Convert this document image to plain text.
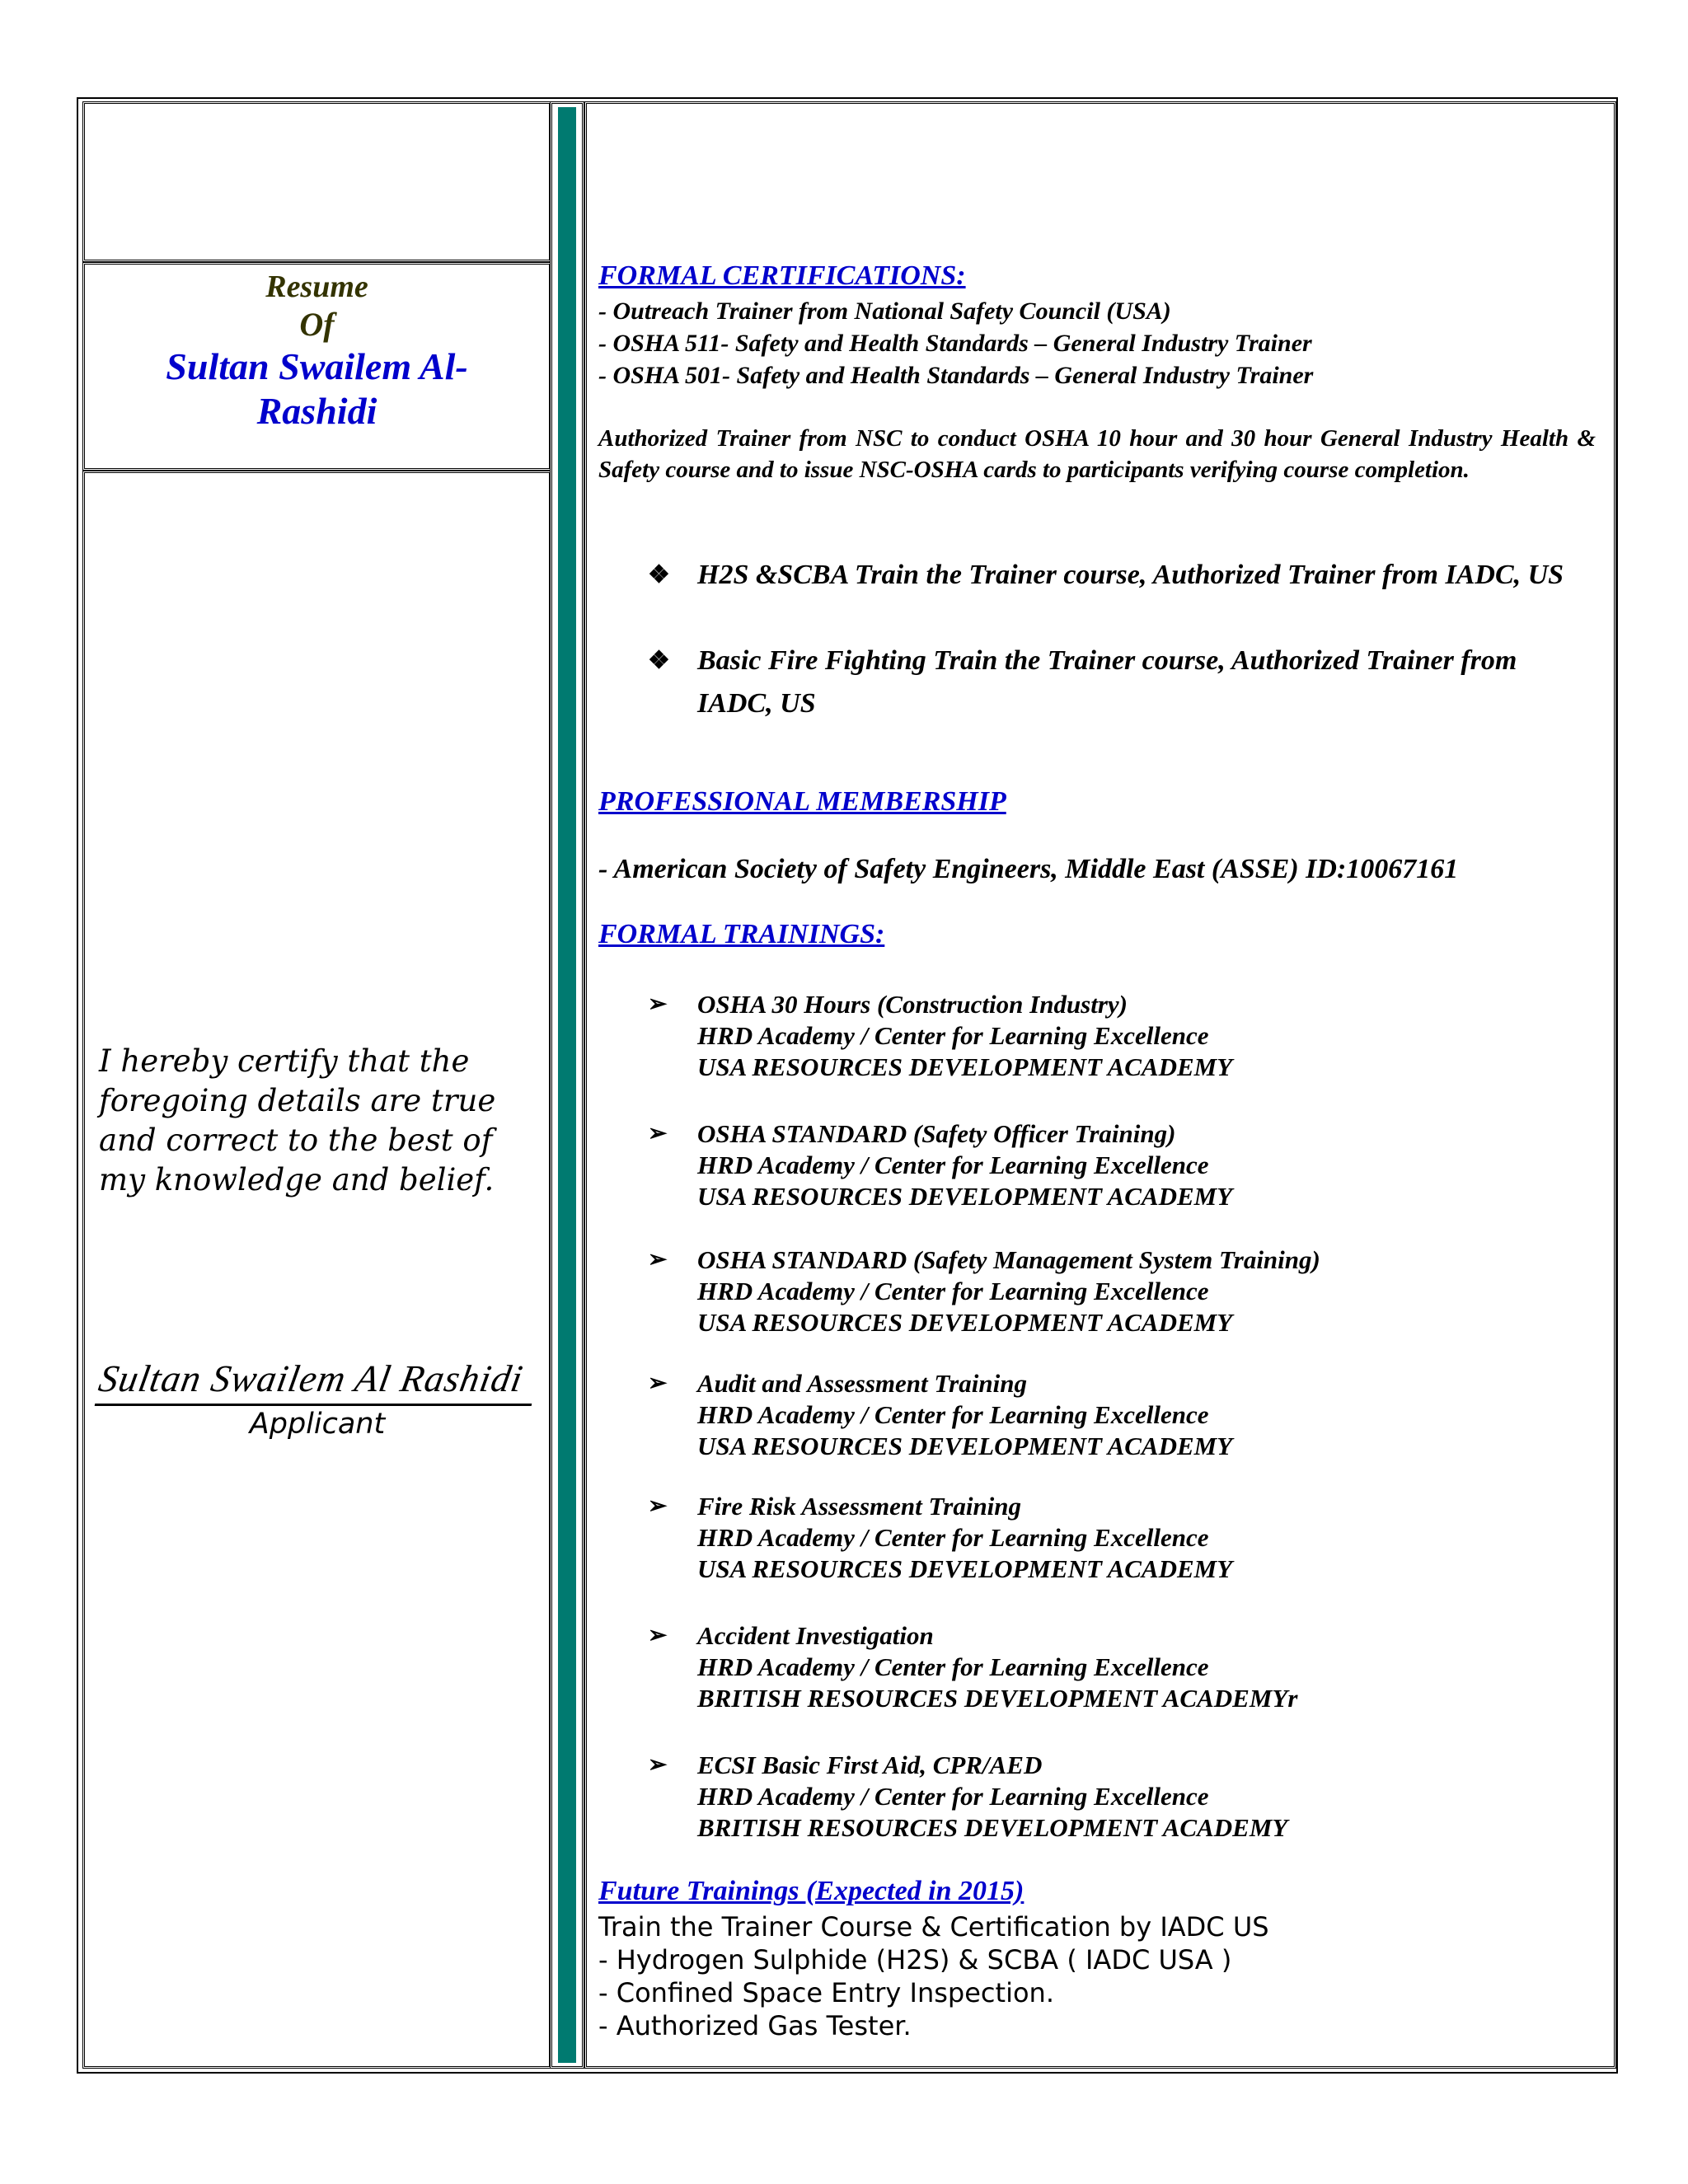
Resume
Of
Sultan Swailem Al-Rashidi
I hereby certify that the foregoing details are true and correct to the best of my knowledge and belief.
Sultan Swailem Al Rashidi
Applicant
FORMAL CERTIFICATIONS:
- Outreach Trainer from National Safety Council (USA)
- OSHA 511- Safety and Health Standards – General Industry Trainer
- OSHA 501- Safety and Health Standards – General Industry Trainer
Authorized Trainer from NSC to conduct OSHA 10 hour and 30 hour General Industry Health & Safety course and to issue NSC-OSHA cards to participants verifying course completion.
❖ H2S &SCBA Train the Trainer course, Authorized Trainer from IADC, US
❖ Basic Fire Fighting Train the Trainer course, Authorized Trainer from IADC, US
PROFESSIONAL MEMBERSHIP
- American Society of Safety Engineers, Middle East (ASSE) ID:10067161
FORMAL TRAININGS:
➢ OSHA 30 Hours (Construction Industry)
HRD Academy / Center for Learning Excellence
USA RESOURCES DEVELOPMENT ACADEMY
➢ OSHA STANDARD (Safety Officer Training)
HRD Academy / Center for Learning Excellence
USA RESOURCES DEVELOPMENT ACADEMY
➢ OSHA STANDARD (Safety Management System Training)
HRD Academy / Center for Learning Excellence
USA RESOURCES DEVELOPMENT ACADEMY
➢ Audit and Assessment Training
HRD Academy / Center for Learning Excellence
USA RESOURCES DEVELOPMENT ACADEMY
➢ Fire Risk Assessment Training
HRD Academy / Center for Learning Excellence
USA RESOURCES DEVELOPMENT ACADEMY
➢ Accident Investigation
HRD Academy / Center for Learning Excellence
BRITISH RESOURCES DEVELOPMENT ACADEMYr
➢ ECSI Basic First Aid, CPR/AED
HRD Academy / Center for Learning Excellence
BRITISH RESOURCES DEVELOPMENT ACADEMY
Future Trainings (Expected in 2015)
Train the Trainer Course & Certification by IADC US
- Hydrogen Sulphide (H2S) & SCBA ( IADC USA )
- Confined Space Entry Inspection.
- Authorized Gas Tester.
